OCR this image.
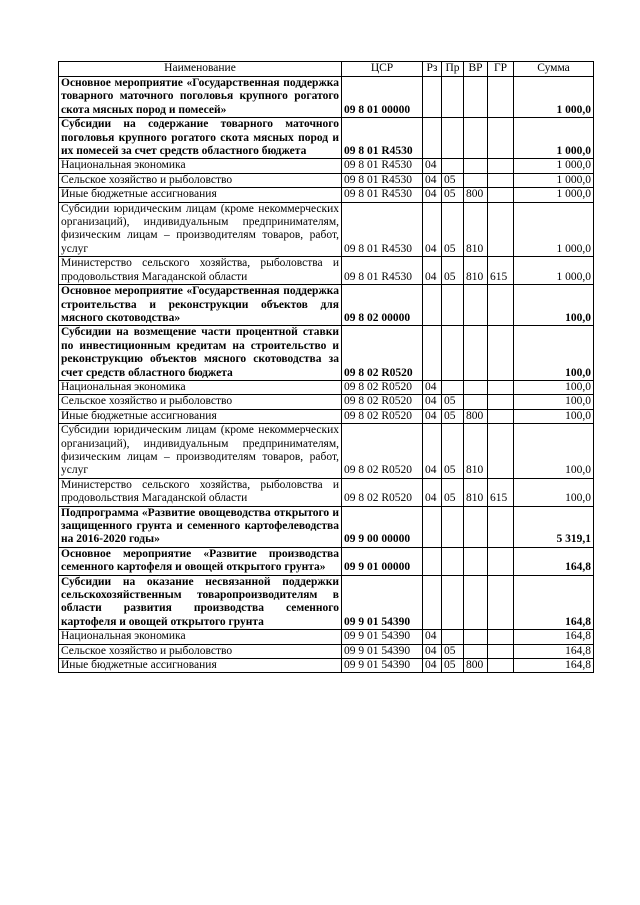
Наименование	ЦСР	Рз	Пр	ВР	ГР	Сумма
Основное мероприятие «Государственная поддержка товарного маточного поголовья крупного рогатого скота мясных пород и помесей»	09 8 01 00000					1 000,0
Субсидии на содержание товарного маточного поголовья крупного рогатого скота мясных пород и их помесей за счет средств областного бюджета	09 8 01 R4530					1 000,0
Национальная экономика	09 8 01 R4530	04				1 000,0
Сельское хозяйство и рыболовство	09 8 01 R4530	04	05			1 000,0
Иные бюджетные ассигнования	09 8 01 R4530	04	05	800		1 000,0
Субсидии юридическим лицам (кроме некоммерческих организаций), индивидуальным предпринимателям, физическим лицам – производителям товаров, работ, услуг	09 8 01 R4530	04	05	810		1 000,0
Министерство сельского хозяйства, рыболовства и продовольствия Магаданской области	09 8 01 R4530	04	05	810	615	1 000,0
Основное мероприятие «Государственная поддержка строительства и реконструкции объектов для мясного скотоводства»	09 8 02 00000					100,0
Субсидии на возмещение части процентной ставки по инвестиционным кредитам на строительство и реконструкцию объектов мясного скотоводства за счет средств областного бюджета	09 8 02 R0520					100,0
Национальная экономика	09 8 02 R0520	04				100,0
Сельское хозяйство и рыболовство	09 8 02 R0520	04	05			100,0
Иные бюджетные ассигнования	09 8 02 R0520	04	05	800		100,0
Субсидии юридическим лицам (кроме некоммерческих организаций), индивидуальным предпринимателям, физическим лицам – производителям товаров, работ, услуг	09 8 02 R0520	04	05	810		100,0
Министерство сельского хозяйства, рыболовства и продовольствия Магаданской области	09 8 02 R0520	04	05	810	615	100,0
Подпрограмма «Развитие овощеводства открытого и защищенного грунта и семенного картофелеводства на 2016-2020 годы»	09 9 00 00000					5 319,1
Основное мероприятие «Развитие производства семенного картофеля и овощей открытого грунта»	09 9 01 00000					164,8
Субсидии на оказание несвязанной поддержки сельскохозяйственным товаропроизводителям в области развития производства семенного картофеля и овощей открытого грунта	09 9 01 54390					164,8
Национальная экономика	09 9 01 54390	04				164,8
Сельское хозяйство и рыболовство	09 9 01 54390	04	05			164,8
Иные бюджетные ассигнования	09 9 01 54390	04	05	800		164,8
